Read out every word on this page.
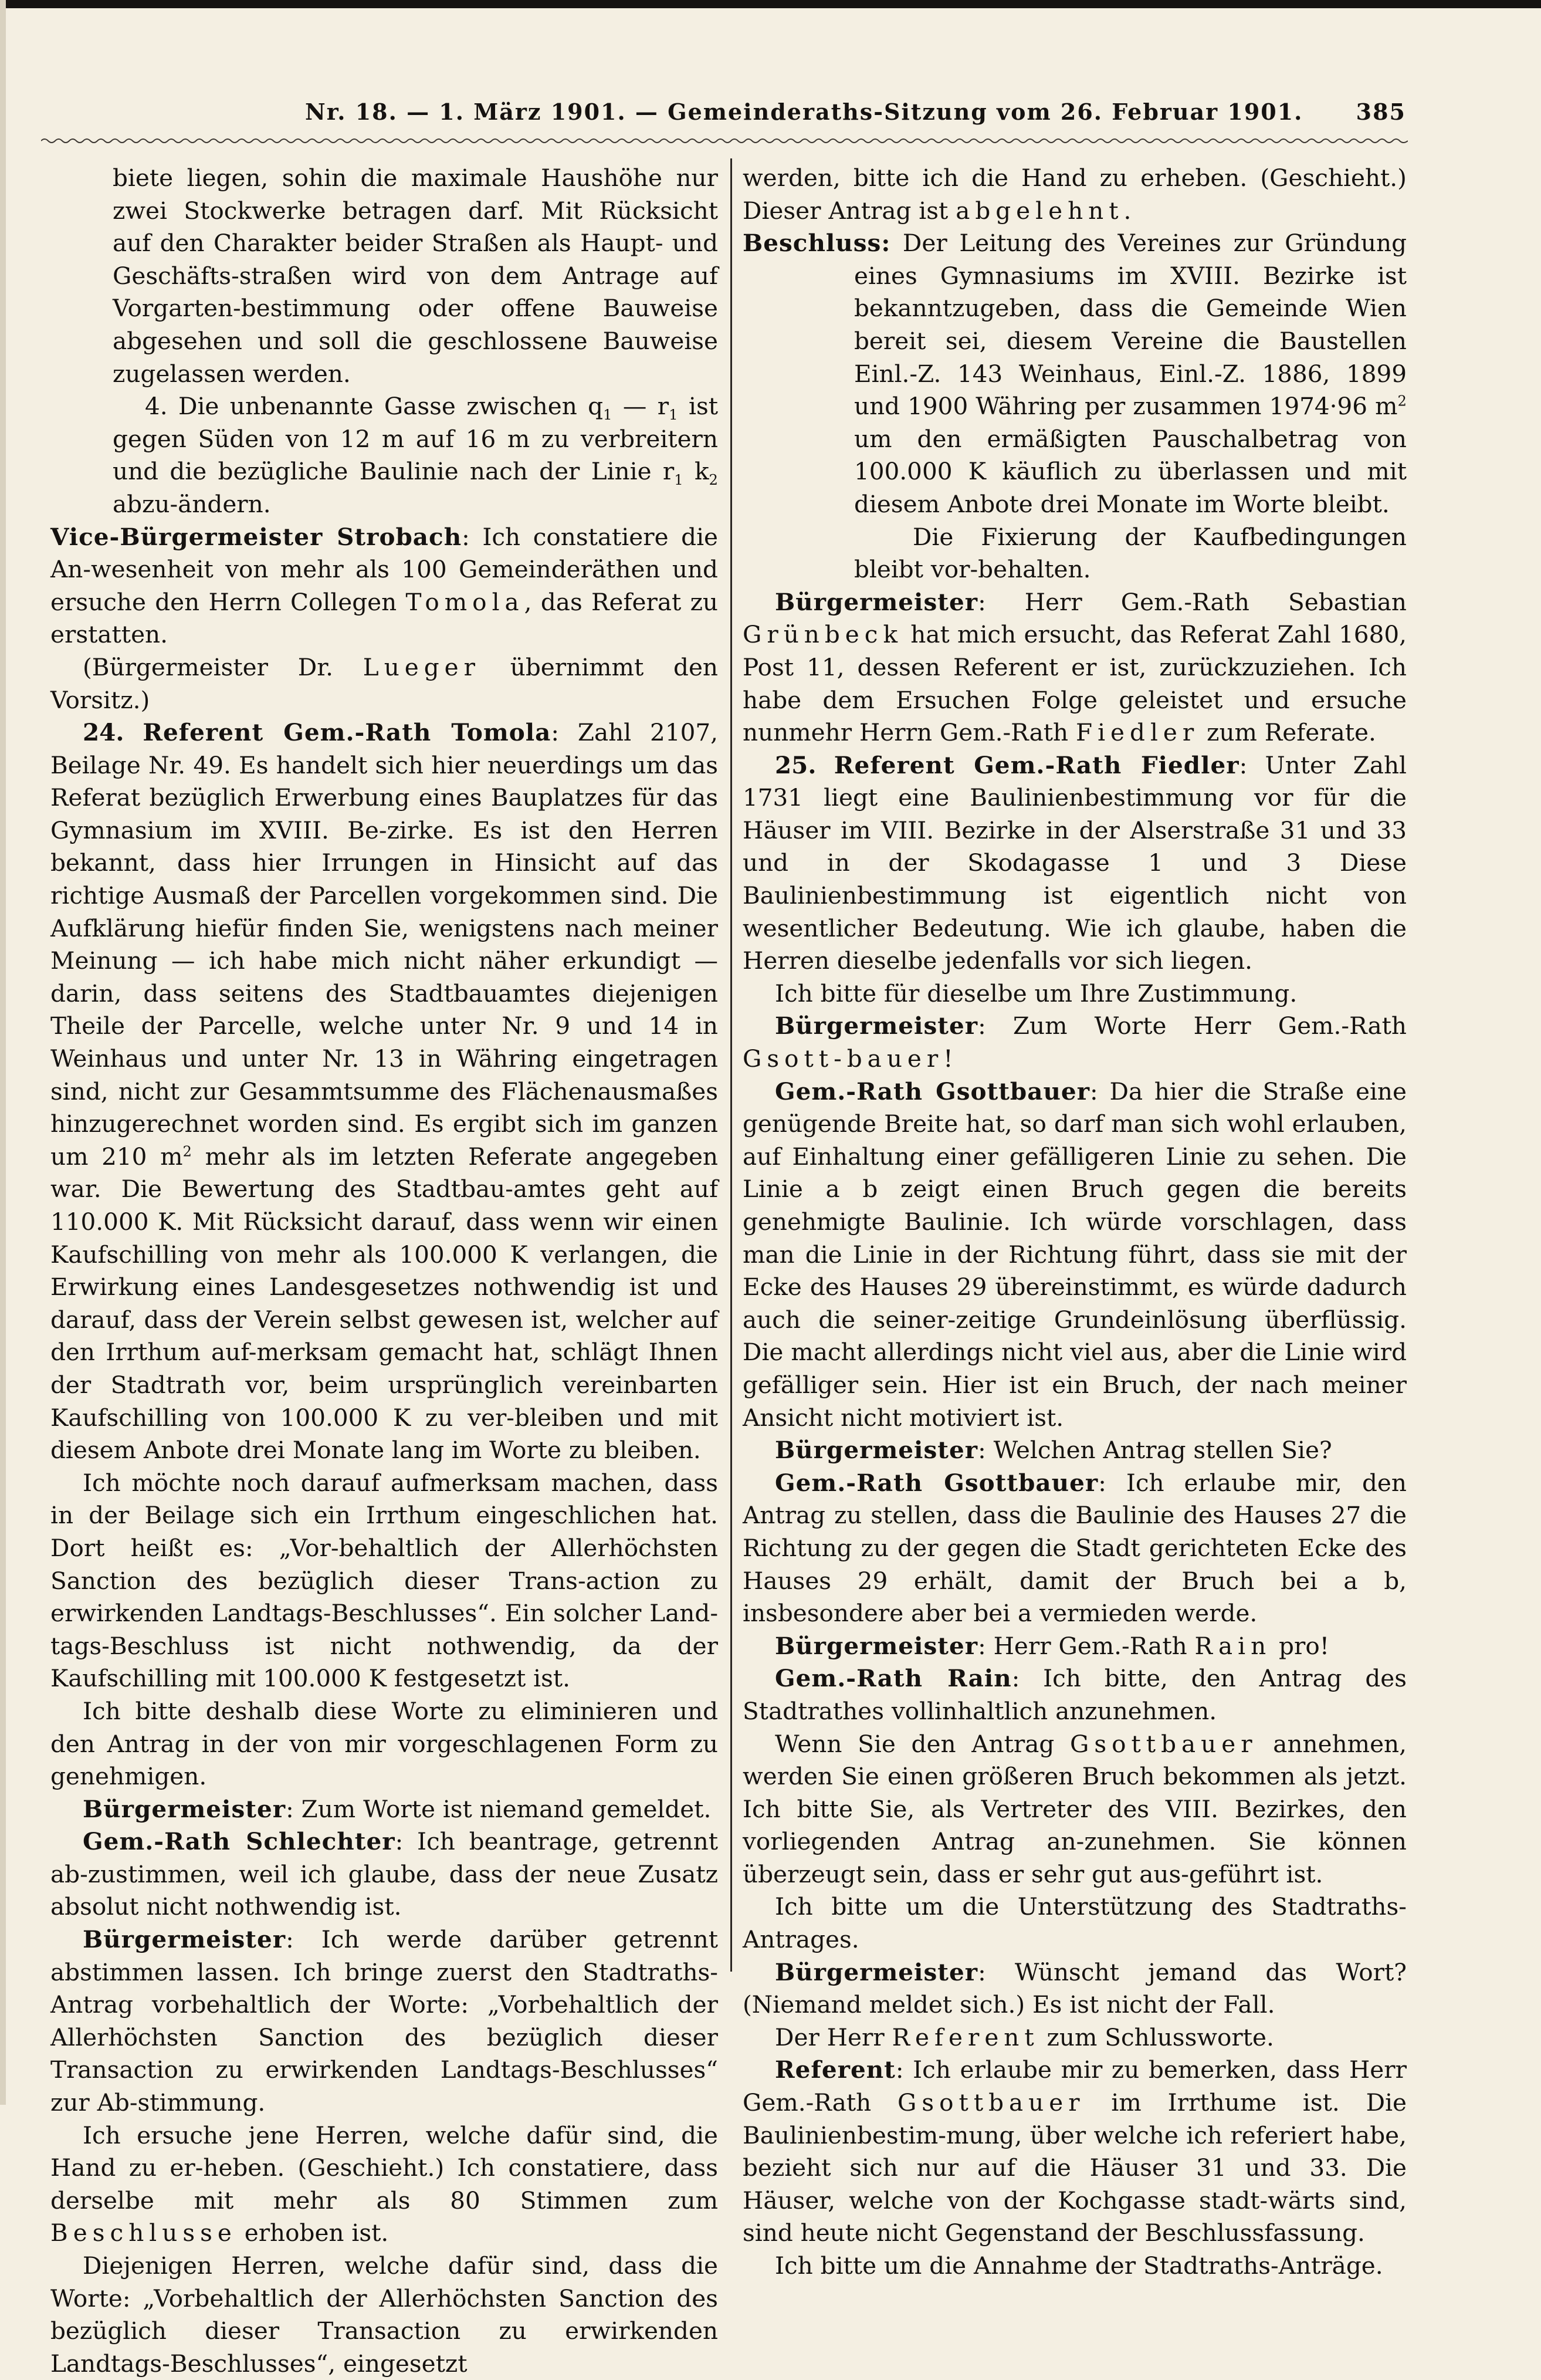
Nr. 18. — 1. März 1901. — Gemeinderaths-Sitzung vom 26. Februar 1901. 385

biete liegen, sohin die maximale Haushöhe nur zwei Stockwerke betragen darf. Mit Rücksicht auf den Charakter beider Straßen als Haupt- und Geschäfts-straßen wird von dem Antrage auf Vorgarten-bestimmung oder offene Bauweise abgesehen und soll die geschlossene Bauweise zugelassen werden.

4. Die unbenannte Gasse zwischen $q_1$ — $r_1$ ist gegen Süden von 12 m auf 16 m zu verbreitern und die bezügliche Baulinie nach der Linie $r_1$ $k_2$ abzu-ändern.

Vice-Bürgermeister Strobach: Ich constatiere die An-wesenheit von mehr als 100 Gemeinderäthen und ersuche den Herrn Collegen Tomola, das Referat zu erstatten.

(Bürgermeister Dr. Lueger übernimmt den Vorsitz.)

24. Referent Gem.-Rath Tomola: Zahl 2107, Beilage Nr. 49. Es handelt sich hier neuerdings um das Referat bezüglich Erwerbung eines Bauplatzes für das Gymnasium im XVIII. Be-zirke. Es ist den Herren bekannt, dass hier Irrungen in Hinsicht auf das richtige Ausmaß der Parcellen vorgekommen sind. Die Aufklärung hiefür finden Sie, wenigstens nach meiner Meinung — ich habe mich nicht näher erkundigt — darin, dass seitens des Stadtbauamtes diejenigen Theile der Parcelle, welche unter Nr. 9 und 14 in Weinhaus und unter Nr. 13 in Währing eingetragen sind, nicht zur Gesammtsumme des Flächenausmaßes hinzugerechnet worden sind. Es ergibt sich im ganzen um 210 $m^2$ mehr als im letzten Referate angegeben war. Die Bewertung des Stadtbau-amtes geht auf 110.000 K. Mit Rücksicht darauf, dass wenn wir einen Kaufschilling von mehr als 100.000 K verlangen, die Erwirkung eines Landesgesetzes nothwendig ist und darauf, dass der Verein selbst gewesen ist, welcher auf den Irrthum auf-merksam gemacht hat, schlägt Ihnen der Stadtrath vor, beim ursprünglich vereinbarten Kaufschilling von 100.000 K zu ver-bleiben und mit diesem Anbote drei Monate lang im Worte zu bleiben.

Ich möchte noch darauf aufmerksam machen, dass in der Beilage sich ein Irrthum eingeschlichen hat. Dort heißt es: „Vor-behaltlich der Allerhöchsten Sanction des bezüglich dieser Trans-action zu erwirkenden Landtags-Beschlusses“. Ein solcher Land-tags-Beschluss ist nicht nothwendig, da der Kaufschilling mit 100.000 K festgesetzt ist.

Ich bitte deshalb diese Worte zu eliminieren und den Antrag in der von mir vorgeschlagenen Form zu genehmigen.

Bürgermeister: Zum Worte ist niemand gemeldet.

Gem.-Rath Schlechter: Ich beantrage, getrennt ab-zustimmen, weil ich glaube, dass der neue Zusatz absolut nicht nothwendig ist.

Bürgermeister: Ich werde darüber getrennt abstimmen lassen. Ich bringe zuerst den Stadtraths-Antrag vorbehaltlich der Worte: „Vorbehaltlich der Allerhöchsten Sanction des bezüglich dieser Transaction zu erwirkenden Landtags-Beschlusses“ zur Ab-stimmung.

Ich ersuche jene Herren, welche dafür sind, die Hand zu er-heben. (Geschieht.) Ich constatiere, dass derselbe mit mehr als 80 Stimmen zum Beschlusse erhoben ist.

Diejenigen Herren, welche dafür sind, dass die Worte: „Vorbehaltlich der Allerhöchsten Sanction des bezüglich dieser Transaction zu erwirkenden Landtags-Beschlusses“, eingesetzt

werden, bitte ich die Hand zu erheben. (Geschieht.) Dieser Antrag ist abgelehnt.

Beschluss: Der Leitung des Vereines zur Gründung eines Gymnasiums im XVIII. Bezirke ist bekanntzugeben, dass die Gemeinde Wien bereit sei, diesem Vereine die Baustellen Einl.-Z. 143 Weinhaus, Einl.-Z. 1886, 1899 und 1900 Währing per zusammen 1974·96 $m^2$ um den ermäßigten Pauschalbetrag von 100.000 K käuflich zu überlassen und mit diesem Anbote drei Monate im Worte bleibt.

Die Fixierung der Kaufbedingungen bleibt vor-behalten.

Bürgermeister: Herr Gem.-Rath Sebastian Grünbeck hat mich ersucht, das Referat Zahl 1680, Post 11, dessen Referent er ist, zurückzuziehen. Ich habe dem Ersuchen Folge geleistet und ersuche nunmehr Herrn Gem.-Rath Fiedler zum Referate.

25. Referent Gem.-Rath Fiedler: Unter Zahl 1731 liegt eine Baulinienbestimmung vor für die Häuser im VIII. Bezirke in der Alserstraße 31 und 33 und in der Skodagasse 1 und 3 Diese Baulinienbestimmung ist eigentlich nicht von wesentlicher Bedeutung. Wie ich glaube, haben die Herren dieselbe jedenfalls vor sich liegen.

Ich bitte für dieselbe um Ihre Zustimmung.

Bürgermeister: Zum Worte Herr Gem.-Rath Gsott-bauer!

Gem.-Rath Gsottbauer: Da hier die Straße eine genügende Breite hat, so darf man sich wohl erlauben, auf Einhaltung einer gefälligeren Linie zu sehen. Die Linie a b zeigt einen Bruch gegen die bereits genehmigte Baulinie. Ich würde vorschlagen, dass man die Linie in der Richtung führt, dass sie mit der Ecke des Hauses 29 übereinstimmt, es würde dadurch auch die seiner-zeitige Grundeinlösung überflüssig. Die macht allerdings nicht viel aus, aber die Linie wird gefälliger sein. Hier ist ein Bruch, der nach meiner Ansicht nicht motiviert ist.

Bürgermeister: Welchen Antrag stellen Sie?

Gem.-Rath Gsottbauer: Ich erlaube mir, den Antrag zu stellen, dass die Baulinie des Hauses 27 die Richtung zu der gegen die Stadt gerichteten Ecke des Hauses 29 erhält, damit der Bruch bei a b, insbesondere aber bei a vermieden werde.

Bürgermeister: Herr Gem.-Rath Rain pro!

Gem.-Rath Rain: Ich bitte, den Antrag des Stadtrathes vollinhaltlich anzunehmen.

Wenn Sie den Antrag Gsottbauer annehmen, werden Sie einen größeren Bruch bekommen als jetzt. Ich bitte Sie, als Vertreter des VIII. Bezirkes, den vorliegenden Antrag an-zunehmen. Sie können überzeugt sein, dass er sehr gut aus-geführt ist.

Ich bitte um die Unterstützung des Stadtraths-Antrages.

Bürgermeister: Wünscht jemand das Wort? (Niemand meldet sich.) Es ist nicht der Fall.

Der Herr Referent zum Schlussworte.

Referent: Ich erlaube mir zu bemerken, dass Herr Gem.-Rath Gsottbauer im Irrthume ist. Die Baulinienbestim-mung, über welche ich referiert habe, bezieht sich nur auf die Häuser 31 und 33. Die Häuser, welche von der Kochgasse stadt-wärts sind, sind heute nicht Gegenstand der Beschlussfassung.

Ich bitte um die Annahme der Stadtraths-Anträge.
